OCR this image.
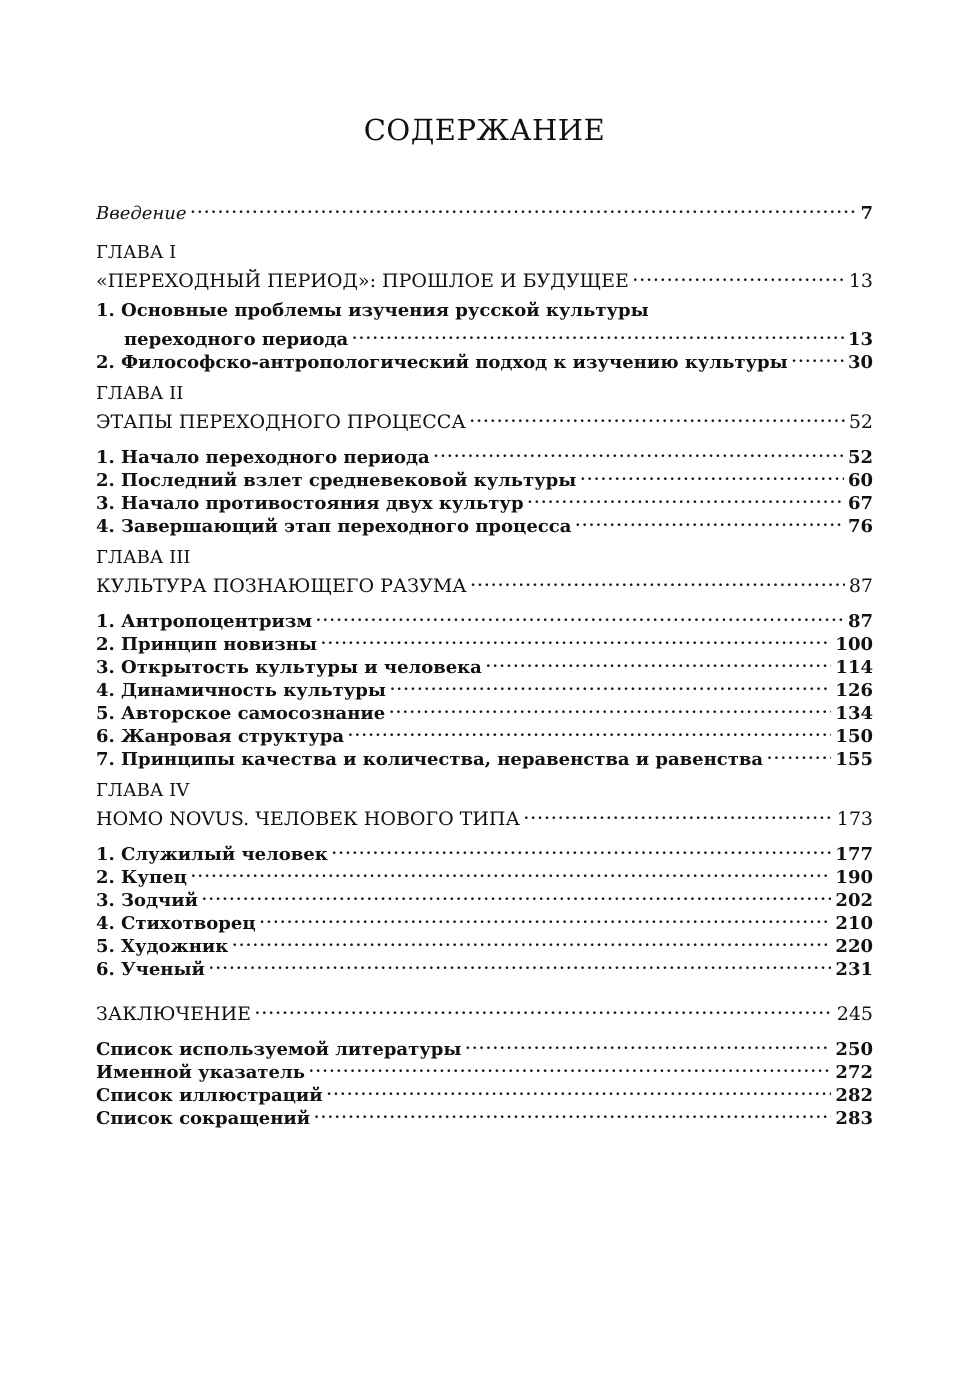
СОДЕРЖАНИЕ
Введение .....	7
ГЛАВА I
«ПЕРЕХОДНЫЙ ПЕРИОД»: ПРОШЛОЕ И БУДУЩЕЕ .....	13
1. Основные проблемы изучения русской культуры
переходного периода .....	13
2. Философско-антропологический подход к изучению культуры .....	30
ГЛАВА II
ЭТАПЫ ПЕРЕХОДНОГО ПРОЦЕССА .....	52
1. Начало переходного периода .....	52
2. Последний взлет средневековой культуры .....	60
3. Начало противостояния двух культур .....	67
4. Завершающий этап переходного процесса .....	76
ГЛАВА III
КУЛЬТУРА ПОЗНАЮЩЕГО РАЗУМА .....	87
1. Антропоцентризм .....	87
2. Принцип новизны .....	100
3. Открытость культуры и человека .....	114
4. Динамичность культуры .....	126
5. Авторское самосознание .....	134
6. Жанровая структура .....	150
7. Принципы качества и количества, неравенства и равенства .....	155
ГЛАВА IV
HOMO NOVUS. ЧЕЛОВЕК НОВОГО ТИПА .....	173
1. Служилый человек .....	177
2. Купец .....	190
3. Зодчий .....	202
4. Стихотворец .....	210
5. Художник .....	220
6. Ученый .....	231
ЗАКЛЮЧЕНИЕ .....	245
Список используемой литературы .....	250
Именной указатель .....	272
Список иллюстраций .....	282
Список сокращений .....	283
